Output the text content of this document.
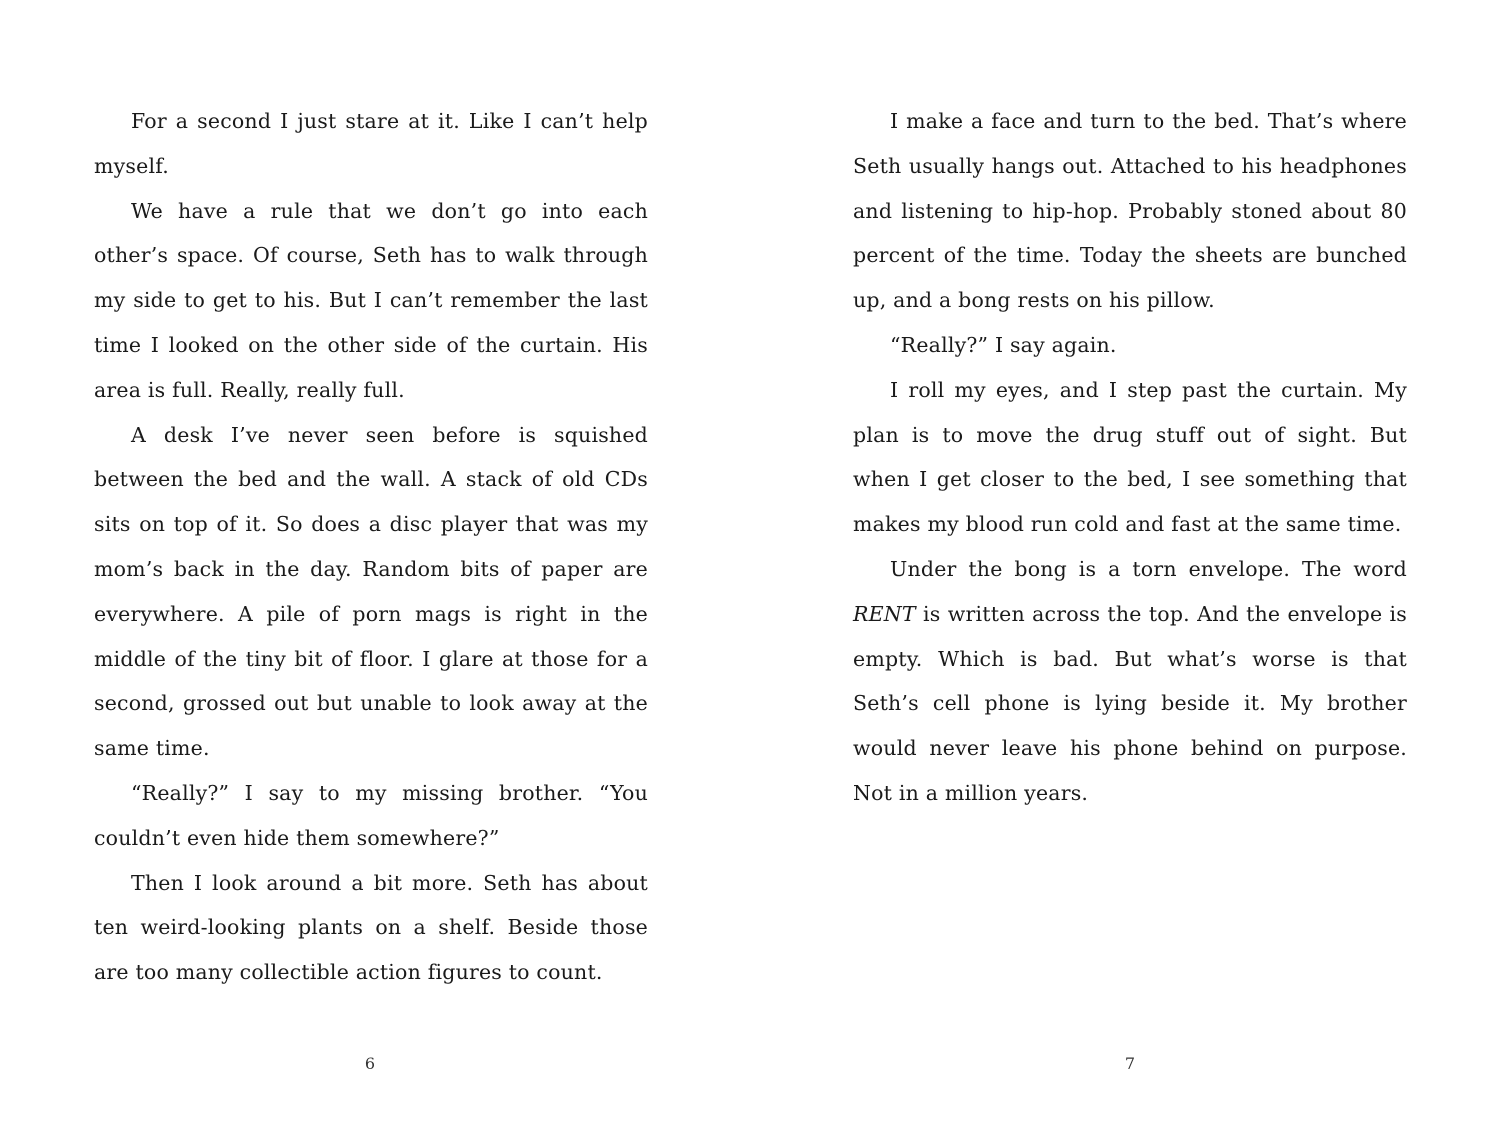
For a second I just stare at it. Like I can’t help myself.

We have a rule that we don’t go into each other’s space. Of course, Seth has to walk through my side to get to his. But I can’t remember the last time I looked on the other side of the curtain. His area is full. Really, really full.

A desk I’ve never seen before is squished between the bed and the wall. A stack of old CDs sits on top of it. So does a disc player that was my mom’s back in the day. Random bits of paper are everywhere. A pile of porn mags is right in the middle of the tiny bit of floor. I glare at those for a second, grossed out but unable to look away at the same time.

“Really?” I say to my missing brother. “You couldn’t even hide them somewhere?”

Then I look around a bit more. Seth has about ten weird-looking plants on a shelf. Beside those are too many collectible action figures to count.

6

I make a face and turn to the bed. That’s where Seth usually hangs out. Attached to his headphones and listening to hip-hop. Probably stoned about 80 percent of the time. Today the sheets are bunched up, and a bong rests on his pillow.

“Really?” I say again.

I roll my eyes, and I step past the curtain. My plan is to move the drug stuff out of sight. But when I get closer to the bed, I see something that makes my blood run cold and fast at the same time.

Under the bong is a torn envelope. The word RENT is written across the top. And the envelope is empty. Which is bad. But what’s worse is that Seth’s cell phone is lying beside it. My brother would never leave his phone behind on purpose. Not in a million years.

7
